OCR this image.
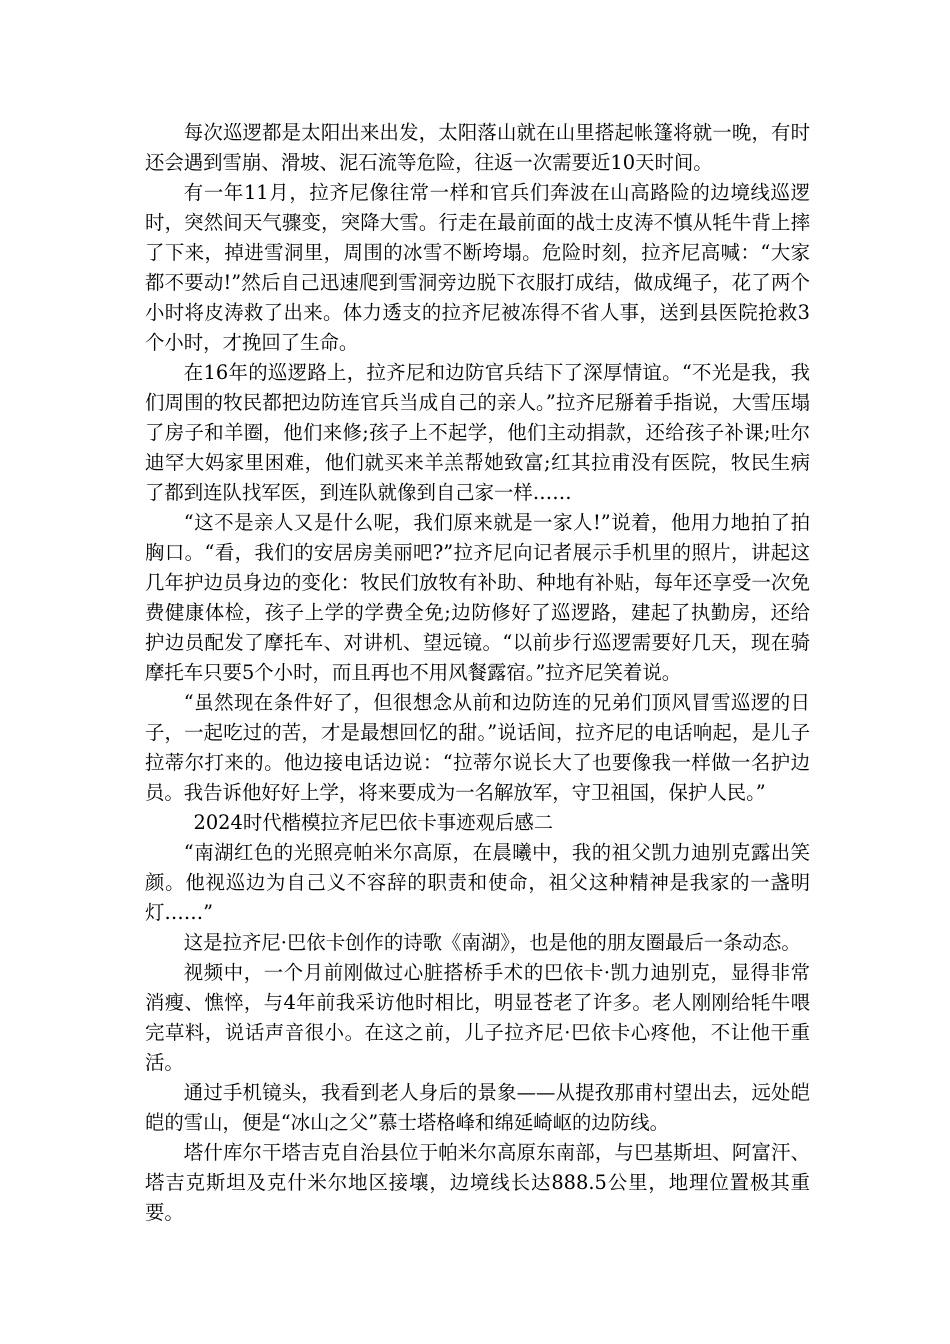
每次巡逻都是太阳出来出发，太阳落山就在山里搭起帐篷将就一晚，有时还会遇到雪崩、滑坡、泥石流等危险，往返一次需要近10天时间。

有一年11月，拉齐尼像往常一样和官兵们奔波在山高路险的边境线巡逻时，突然间天气骤变，突降大雪。行走在最前面的战士皮涛不慎从牦牛背上摔了下来，掉进雪洞里，周围的冰雪不断垮塌。危险时刻，拉齐尼高喊：“大家都不要动!”然后自己迅速爬到雪洞旁边脱下衣服打成结，做成绳子，花了两个小时将皮涛救了出来。体力透支的拉齐尼被冻得不省人事，送到县医院抢救3个小时，才挽回了生命。

在16年的巡逻路上，拉齐尼和边防官兵结下了深厚情谊。“不光是我，我们周围的牧民都把边防连官兵当成自己的亲人。”拉齐尼掰着手指说，大雪压塌了房子和羊圈，他们来修;孩子上不起学，他们主动捐款，还给孩子补课;吐尔迪罕大妈家里困难，他们就买来羊羔帮她致富;红其拉甫没有医院，牧民生病了都到连队找军医，到连队就像到自己家一样……

“这不是亲人又是什么呢，我们原来就是一家人!”说着，他用力地拍了拍胸口。“看，我们的安居房美丽吧?”拉齐尼向记者展示手机里的照片，讲起这几年护边员身边的变化：牧民们放牧有补助、种地有补贴，每年还享受一次免费健康体检，孩子上学的学费全免;边防修好了巡逻路，建起了执勤房，还给护边员配发了摩托车、对讲机、望远镜。“以前步行巡逻需要好几天，现在骑摩托车只要5个小时，而且再也不用风餐露宿。”拉齐尼笑着说。

“虽然现在条件好了，但很想念从前和边防连的兄弟们顶风冒雪巡逻的日子，一起吃过的苦，才是最想回忆的甜。”说话间，拉齐尼的电话响起，是儿子拉蒂尔打来的。他边接电话边说：“拉蒂尔说长大了也要像我一样做一名护边员。我告诉他好好上学，将来要成为一名解放军，守卫祖国，保护人民。”

2024时代楷模拉齐尼巴依卡事迹观后感二

“南湖红色的光照亮帕米尔高原，在晨曦中，我的祖父凯力迪别克露出笑颜。他视巡边为自己义不容辞的职责和使命，祖父这种精神是我家的一盏明灯……”

这是拉齐尼·巴依卡创作的诗歌《南湖》，也是他的朋友圈最后一条动态。

视频中，一个月前刚做过心脏搭桥手术的巴依卡·凯力迪别克，显得非常消瘦、憔悴，与4年前我采访他时相比，明显苍老了许多。老人刚刚给牦牛喂完草料，说话声音很小。在这之前，儿子拉齐尼·巴依卡心疼他，不让他干重活。

通过手机镜头，我看到老人身后的景象——从提孜那甫村望出去，远处皑皑的雪山，便是“冰山之父”慕士塔格峰和绵延崎岖的边防线。

塔什库尔干塔吉克自治县位于帕米尔高原东南部，与巴基斯坦、阿富汗、塔吉克斯坦及克什米尔地区接壤，边境线长达888.5公里，地理位置极其重要。
